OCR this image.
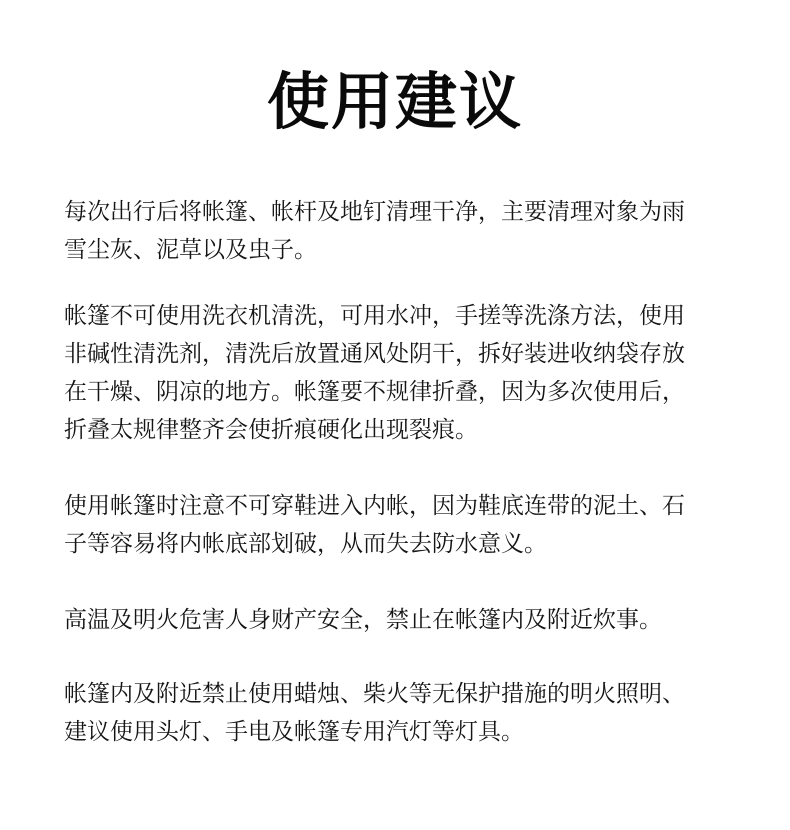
使用建议

每次出行后将帐篷、帐杆及地钉清理干净，主要清理对象为雨
雪尘灰、泥草以及虫子。

帐篷不可使用洗衣机清洗，可用水冲，手搓等洗涤方法，使用
非碱性清洗剂，清洗后放置通风处阴干，拆好装进收纳袋存放
在干燥、阴凉的地方。帐篷要不规律折叠，因为多次使用后，
折叠太规律整齐会使折痕硬化出现裂痕。

使用帐篷时注意不可穿鞋进入内帐，因为鞋底连带的泥土、石
子等容易将内帐底部划破，从而失去防水意义。

高温及明火危害人身财产安全，禁止在帐篷内及附近炊事。

帐篷内及附近禁止使用蜡烛、柴火等无保护措施的明火照明、
建议使用头灯、手电及帐篷专用汽灯等灯具。
